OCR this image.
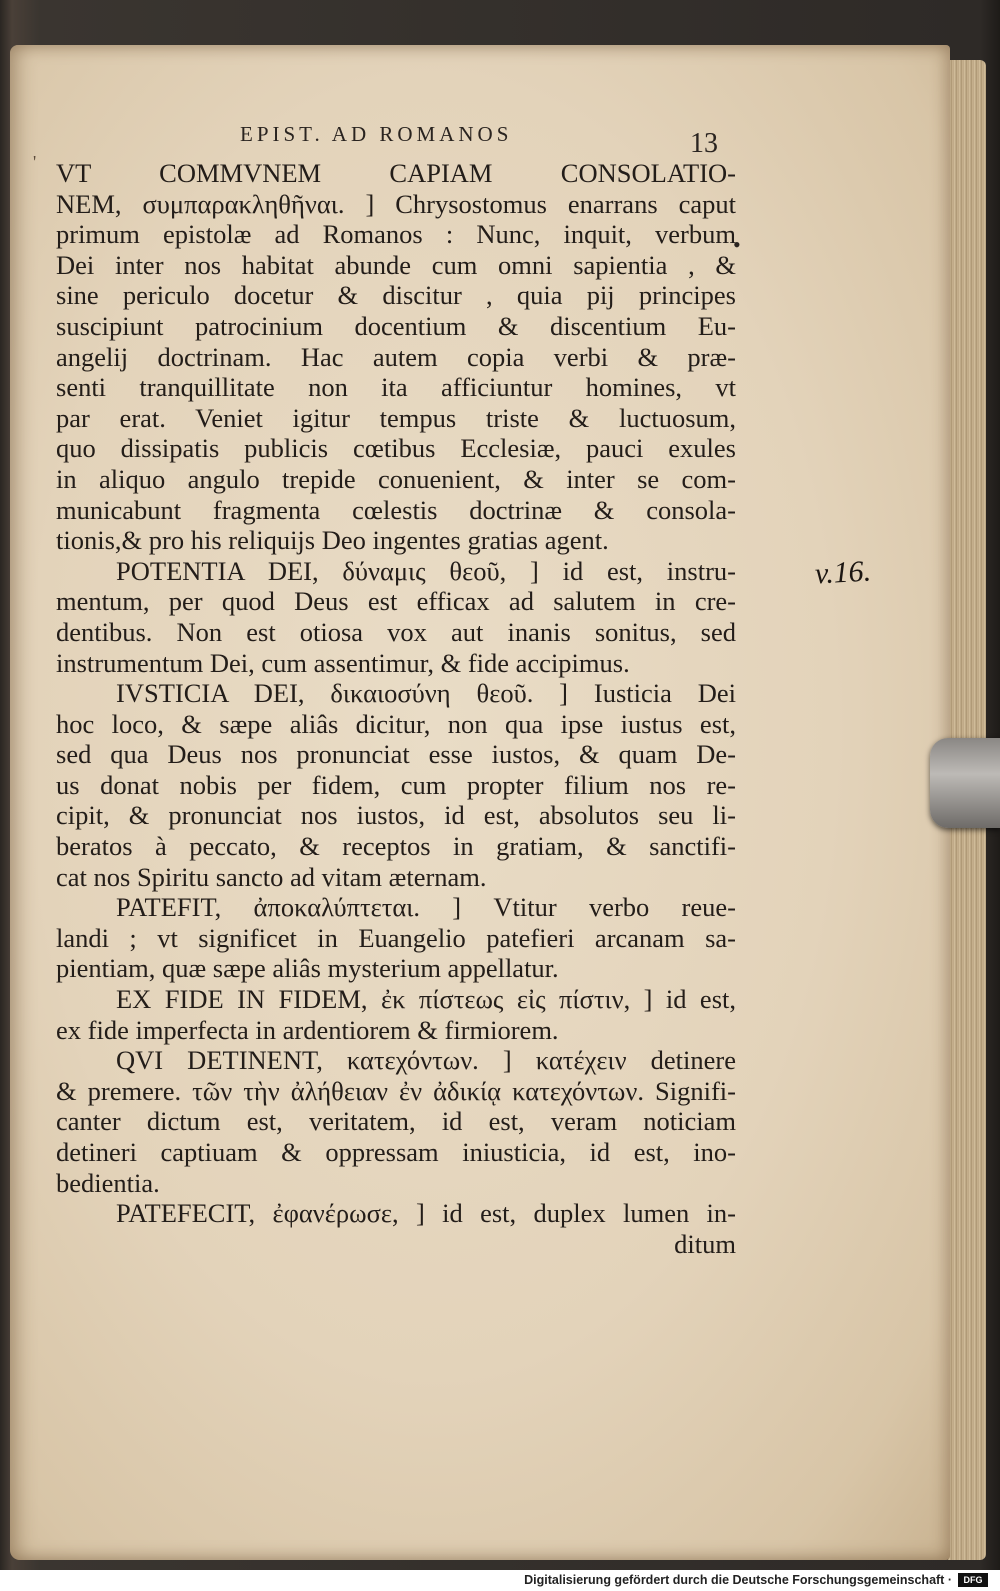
EPIST. AD ROMANOS	13
'
•
v.16.
VT COMMVNEM CAPIAM CONSOLATIO-
NEM, συμπαρακληθῆναι. ] Chrysostomus enarrans caput
primum epistolæ ad Romanos : Nunc, inquit, verbum
Dei inter nos habitat abunde cum omni sapientia , &
sine periculo docetur & discitur , quia pij principes
suscipiunt patrocinium docentium & discentium Eu-
angelij doctrinam. Hac autem copia verbi & præ-
senti tranquillitate non ita afficiuntur homines, vt
par erat. Veniet igitur tempus triste & luctuosum,
quo dissipatis publicis cœtibus Ecclesiæ, pauci exules
in aliquo angulo trepide conuenient, & inter se com-
municabunt fragmenta cœlestis doctrinæ & consola-
tionis,& pro his reliquijs Deo ingentes gratias agent.
POTENTIA DEI, δύναμις θεοῦ, ] id est, instru-
mentum, per quod Deus est efficax ad salutem in cre-
dentibus. Non est otiosa vox aut inanis sonitus, sed
instrumentum Dei, cum assentimur, & fide accipimus.
IVSTICIA DEI, δικαιοσύνη θεοῦ. ] Iusticia Dei
hoc loco, & sæpe aliâs dicitur, non qua ipse iustus est,
sed qua Deus nos pronunciat esse iustos, & quam De-
us donat nobis per fidem, cum propter filium nos re-
cipit, & pronunciat nos iustos, id est, absolutos seu li-
beratos à peccato, & receptos in gratiam, & sanctifi-
cat nos Spiritu sancto ad vitam æternam.
PATEFIT, ἀποκαλύπτεται. ] Vtitur verbo reue-
landi ; vt significet in Euangelio patefieri arcanam sa-
pientiam, quæ sæpe aliâs mysterium appellatur.
EX FIDE IN FIDEM, ἐκ πίστεως εἰς πίστιν, ] id est,
ex fide imperfecta in ardentiorem & firmiorem.
QVI DETINENT, κατεχόντων. ] κατέχειν detinere
& premere. τῶν τὴν ἀλήθειαν ἐν ἀδικίᾳ κατεχόντων. Signifi-
canter dictum est, veritatem, id est, veram noticiam
detineri captiuam & oppressam iniusticia, id est, ino-
bedientia.
PATEFECIT, ἐφανέρωσε, ] id est, duplex lumen in-
ditum
Digitalisierung gefördert durch die Deutsche Forschungsgemeinschaft ·	DFG
